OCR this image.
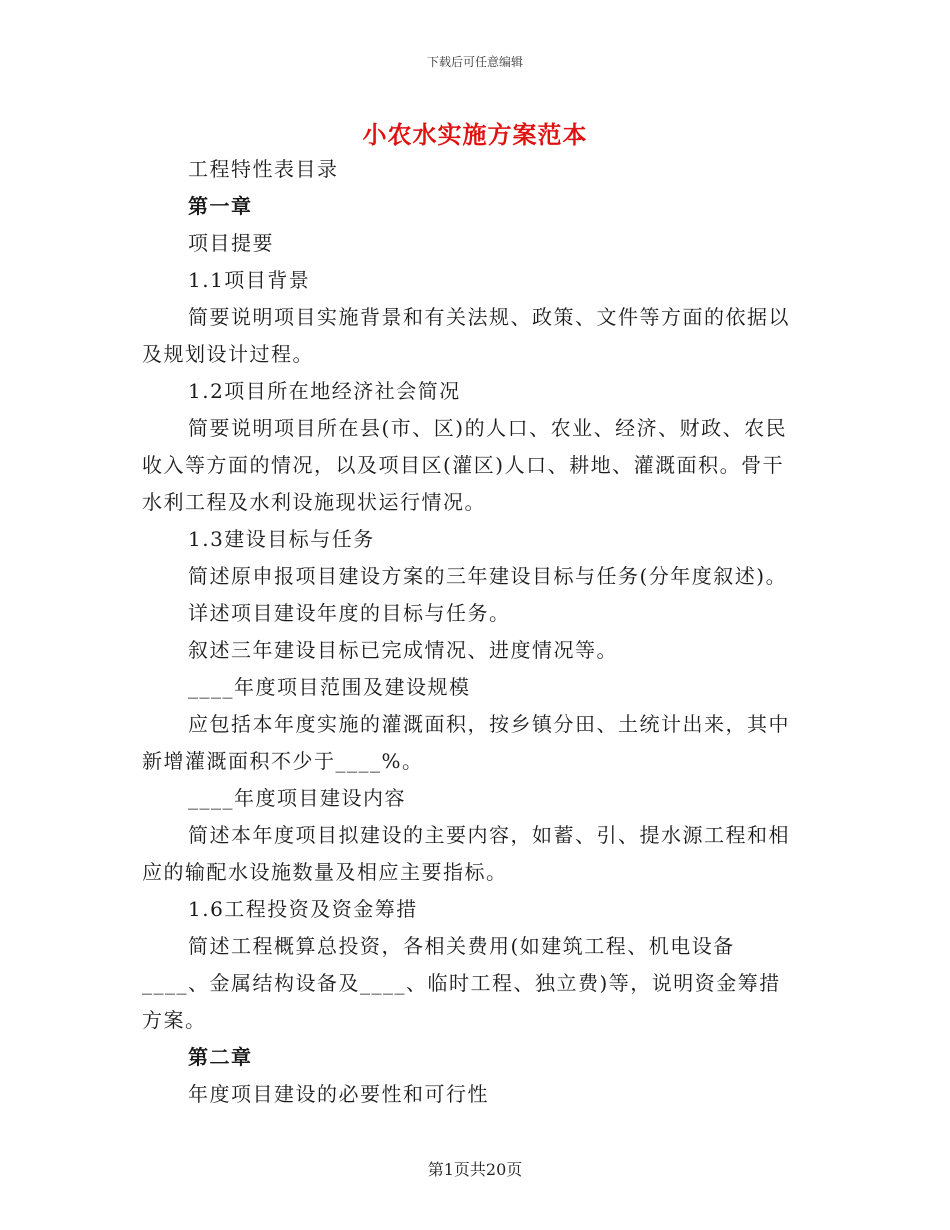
下载后可任意编辑
小农水实施方案范本

工程特性表目录

第一章

项目提要

1.1项目背景

简要说明项目实施背景和有关法规、政策、文件等方面的依据以及规划设计过程。

1.2项目所在地经济社会简况

简要说明项目所在县(市、区)的人口、农业、经济、财政、农民收入等方面的情况，以及项目区(灌区)人口、耕地、灌溉面积。骨干水利工程及水利设施现状运行情况。

1.3建设目标与任务

简述原申报项目建设方案的三年建设目标与任务(分年度叙述)。

详述项目建设年度的目标与任务。

叙述三年建设目标已完成情况、进度情况等。

____年度项目范围及建设规模

应包括本年度实施的灌溉面积，按乡镇分田、土统计出来，其中新增灌溉面积不少于____%。

____年度项目建设内容

简述本年度项目拟建设的主要内容，如蓄、引、提水源工程和相应的输配水设施数量及相应主要指标。

1.6工程投资及资金筹措

简述工程概算总投资，各相关费用(如建筑工程、机电设备____、金属结构设备及____、临时工程、独立费)等，说明资金筹措方案。

第二章

年度项目建设的必要性和可行性

第1页共20页
